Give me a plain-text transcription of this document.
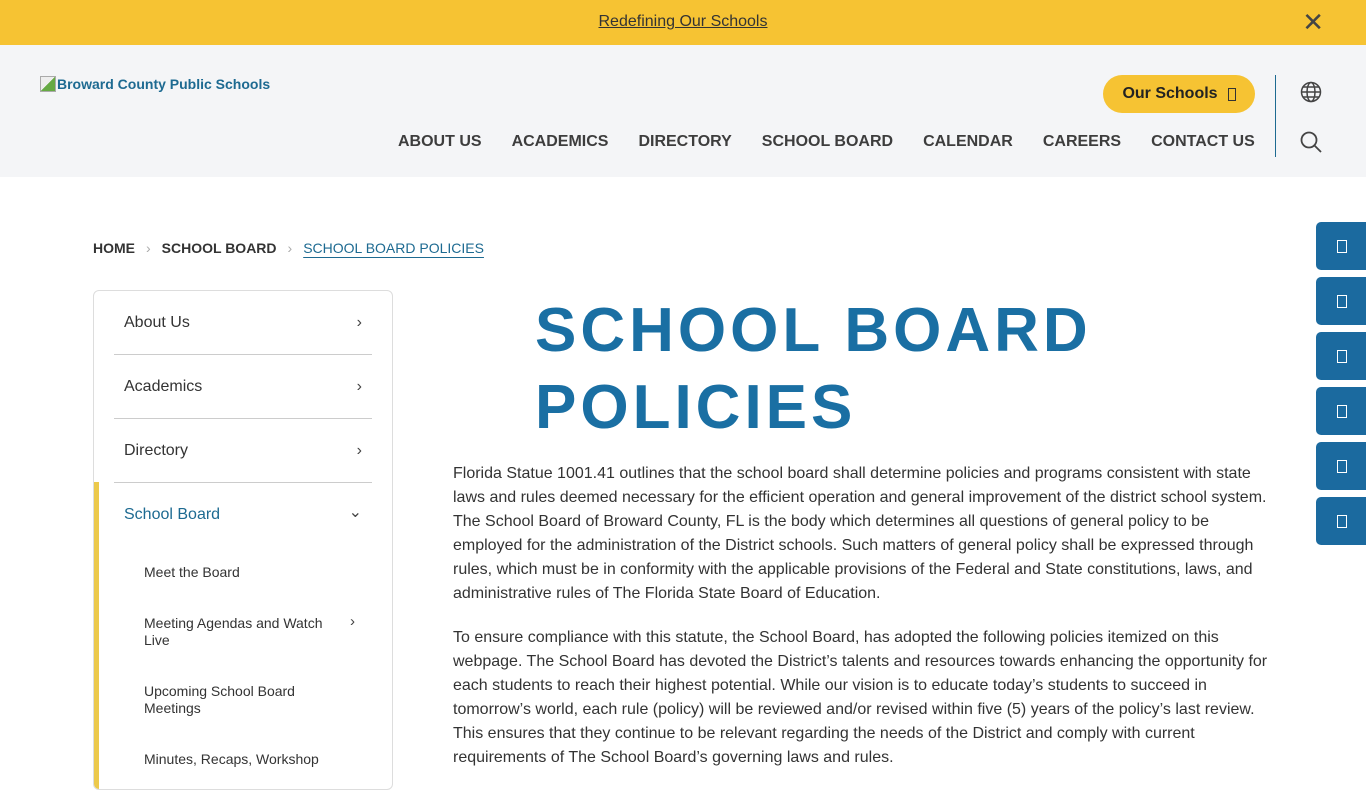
Redefining Our Schools	✕
Broward County Public Schools
Our Schools
ABOUT US ACADEMICS DIRECTORY SCHOOL BOARD CALENDAR CAREERS CONTACT US
HOME › SCHOOL BOARD › SCHOOL BOARD POLICIES
About Us	›
Academics	›
Directory	›
School Board	⌄
Meet the Board
Meeting Agendas and Watch Live
›
Upcoming School Board Meetings
Minutes, Recaps, Workshop
SCHOOL BOARD POLICIES

Florida Statue 1001.41 outlines that the school board shall determine policies and programs consistent with state laws and rules deemed necessary for the efficient operation and general improvement of the district school system. The School Board of Broward County, FL is the body which determines all questions of general policy to be employed for the administration of the District schools. Such matters of general policy shall be expressed through rules, which must be in conformity with the applicable provisions of the Federal and State constitutions, laws, and administrative rules of The Florida State Board of Education.

To ensure compliance with this statute, the School Board, has adopted the following policies itemized on this webpage. The School Board has devoted the District’s talents and resources towards enhancing the opportunity for each students to reach their highest potential. While our vision is to educate today’s students to succeed in tomorrow’s world, each rule (policy) will be reviewed and/or revised within five (5) years of the policy’s last review. This ensures that they continue to be relevant regarding the needs of the District and comply with current requirements of The School Board’s governing laws and rules.
